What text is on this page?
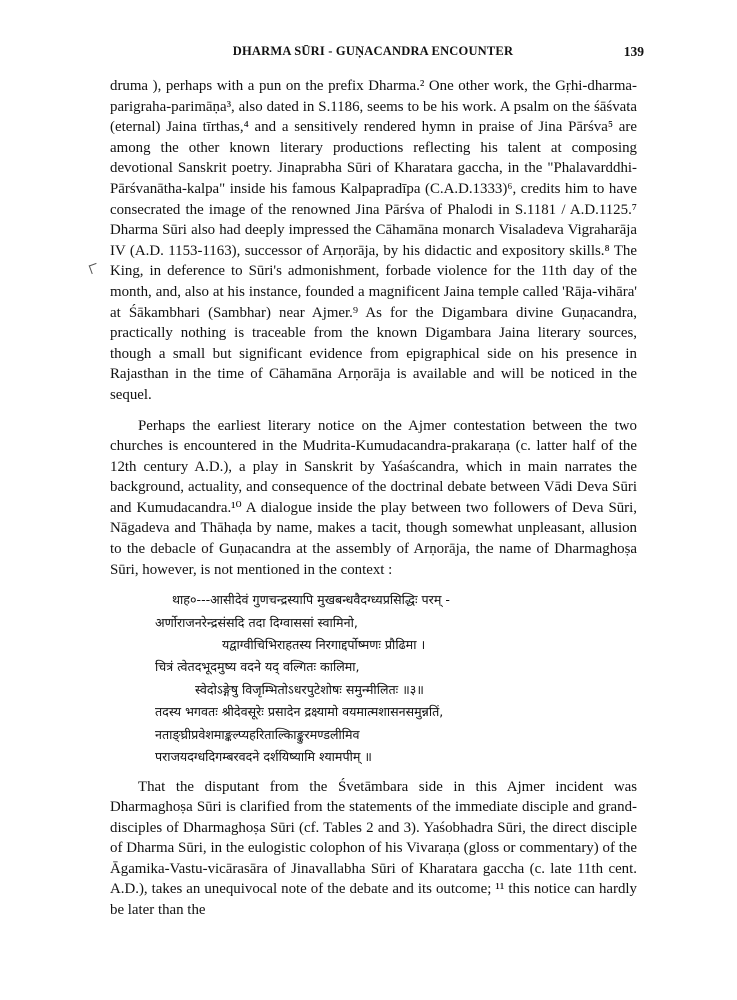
DHARMA SŪRI - GUṆACANDRA ENCOUNTER	139

druma ), perhaps with a pun on the prefix Dharma.² One other work, the Gṛhi-dharma-parigraha-parimāṇa³, also dated in S.1186, seems to be his work. A psalm on the śāśvata (eternal) Jaina tīrthas,⁴ and a sensitively rendered hymn in praise of Jina Pārśva⁵ are among the other known literary productions reflecting his talent at composing devotional Sanskrit poetry. Jinaprabha Sūri of Kharatara gaccha, in the "Phalavarddhi-Pārśvanātha-kalpa" inside his famous Kalpapradīpa (C.A.D.1333)⁶, credits him to have consecrated the image of the renowned Jina Pārśva of Phalodi in S.1181 / A.D.1125.⁷ Dharma Sūri also had deeply impressed the Cāhamāna monarch Visaladeva Vigraharāja IV (A.D. 1153-1163), successor of Arṇorāja, by his didactic and expository skills.⁸ The King, in deference to Sūri's admonishment, forbade violence for the 11th day of the month, and, also at his instance, founded a magnificent Jaina temple called 'Rāja-vihāra' at Śākambhari (Sambhar) near Ajmer.⁹ As for the Digambara divine Guṇacandra, practically nothing is traceable from the known Digambara Jaina literary sources, though a small but significant evidence from epigraphical side on his presence in Rajasthan in the time of Cāhamāna Arṇorāja is available and will be noticed in the sequel.

Perhaps the earliest literary notice on the Ajmer contestation between the two churches is encountered in the Mudrita-Kumudacandra-prakaraṇa (c. latter half of the 12th century A.D.), a play in Sanskrit by Yaśaścandra, which in main narrates the background, actuality, and consequence of the doctrinal debate between Vādi Deva Sūri and Kumudacandra.¹⁰ A dialogue inside the play between two followers of Deva Sūri, Nāgadeva and Thāhaḍa by name, makes a tacit, though somewhat unpleasant, allusion to the debacle of Guṇacandra at the assembly of Arṇorāja, the name of Dharmaghoṣa Sūri, however, is not mentioned in the context :

थाह०---आसीदेवं गुणचन्द्रस्यापि मुखबन्धवैदग्ध्यप्रसिद्धिः परम् -
अर्णोराजनरेन्द्रसंसदि तदा दिग्वाससां स्वामिनो,
यद्वाग्वीचिभिराहतस्य निरगाद्दर्पोष्मणः प्रौढिमा ।
चित्रं त्वेतदभूदमुष्य वदने यद् वल्गितः कालिमा,
स्वेदोऽङ्गेषु विजृम्भितोऽधरपुटेशोषः समुन्मीलितः ॥३॥
तदस्य भगवतः श्रीदेवसूरेः प्रसादेन द्रक्ष्यामो वयमात्मशासनसमुन्नतिं,
नताङ्घ्रीप्रवेशमाङ्कल्प्यहरिताल्किाङ्कुरमण्डलीमिव
पराजयदग्धदिगम्बरवदने दर्शयिष्यामि श्यामपीम् ॥

That the disputant from the Śvetāmbara side in this Ajmer incident was Dharmaghoṣa Sūri is clarified from the statements of the immediate disciple and grand-disciples of Dharmaghoṣa Sūri (cf. Tables 2 and 3). Yaśobhadra Sūri, the direct disciple of Dharma Sūri, in the eulogistic colophon of his Vivaraṇa (gloss or commentary) of the Āgamika-Vastu-vicārasāra of Jinavallabha Sūri of Kharatara gaccha (c. late 11th cent. A.D.), takes an unequivocal note of the debate and its outcome; ¹¹ this notice can hardly be later than the
